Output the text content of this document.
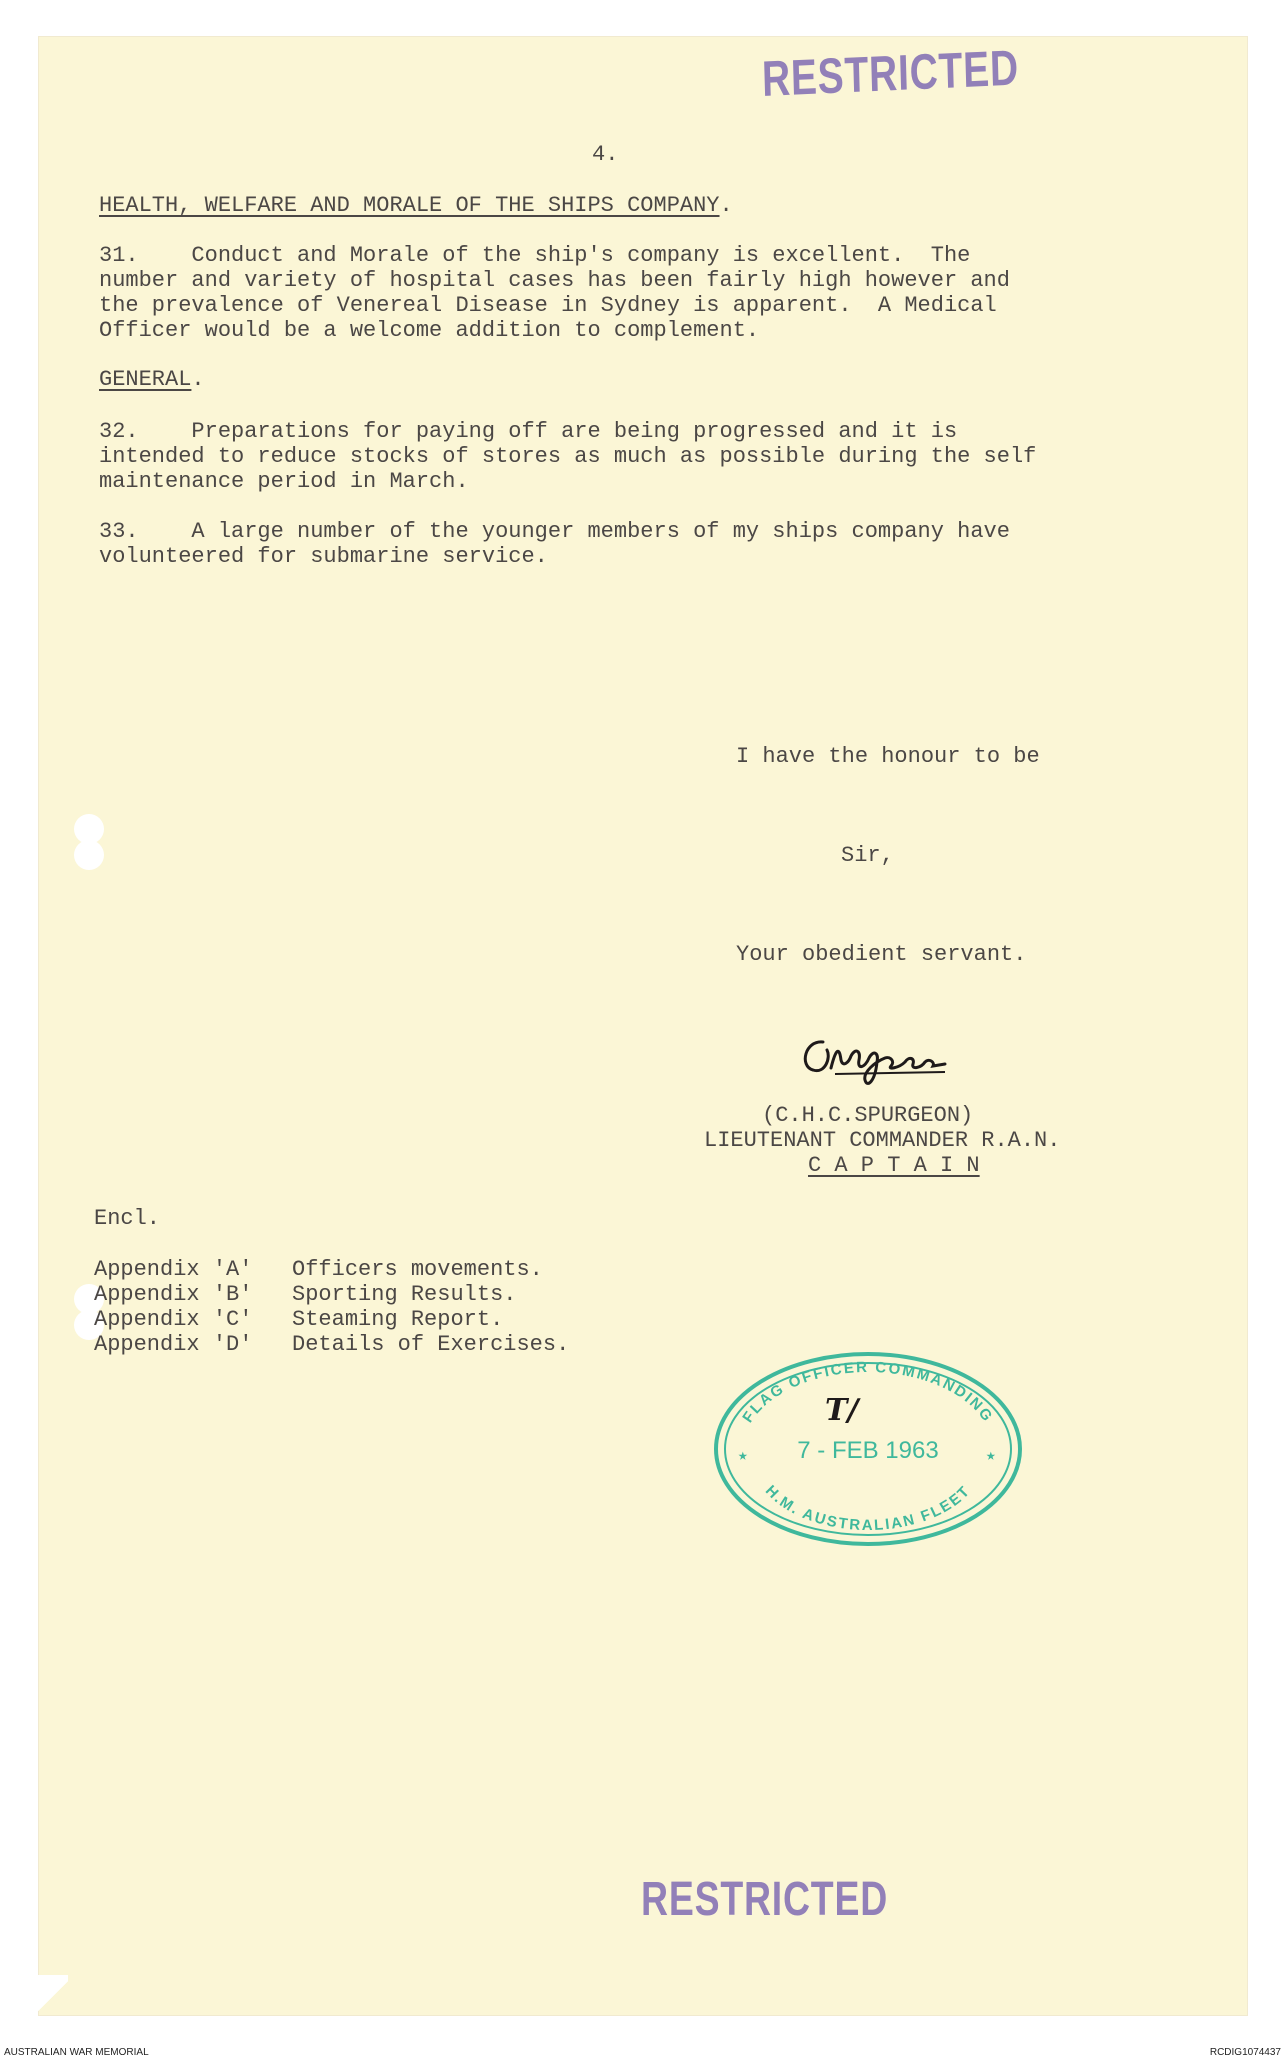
RESTRICTED
4.
HEALTH, WELFARE AND MORALE OF THE SHIPS COMPANY.
31.    Conduct and Morale of the ship's company is excellent.  The
number and variety of hospital cases has been fairly high however and
the prevalence of Venereal Disease in Sydney is apparent.  A Medical
Officer would be a welcome addition to complement.
GENERAL.
32.    Preparations for paying off are being progressed and it is
intended to reduce stocks of stores as much as possible during the self
maintenance period in March.
33.    A large number of the younger members of my ships company have
volunteered for submarine service.
I have the honour to be
Sir,
Your obedient servant.
(C.H.C.SPURGEON)
LIEUTENANT COMMANDER R.A.N.
C A P T A I N
Encl.
Appendix 'A'   Officers movements.
Appendix 'B'   Sporting Results.
Appendix 'C'   Steaming Report.
Appendix 'D'   Details of Exercises.
FLAG OFFICER COMMANDING
H.M. AUSTRALIAN FLEET
7 - FEB 1963
★	★
T/
RESTRICTED
AUSTRALIAN WAR MEMORIAL	RCDIG1074437
